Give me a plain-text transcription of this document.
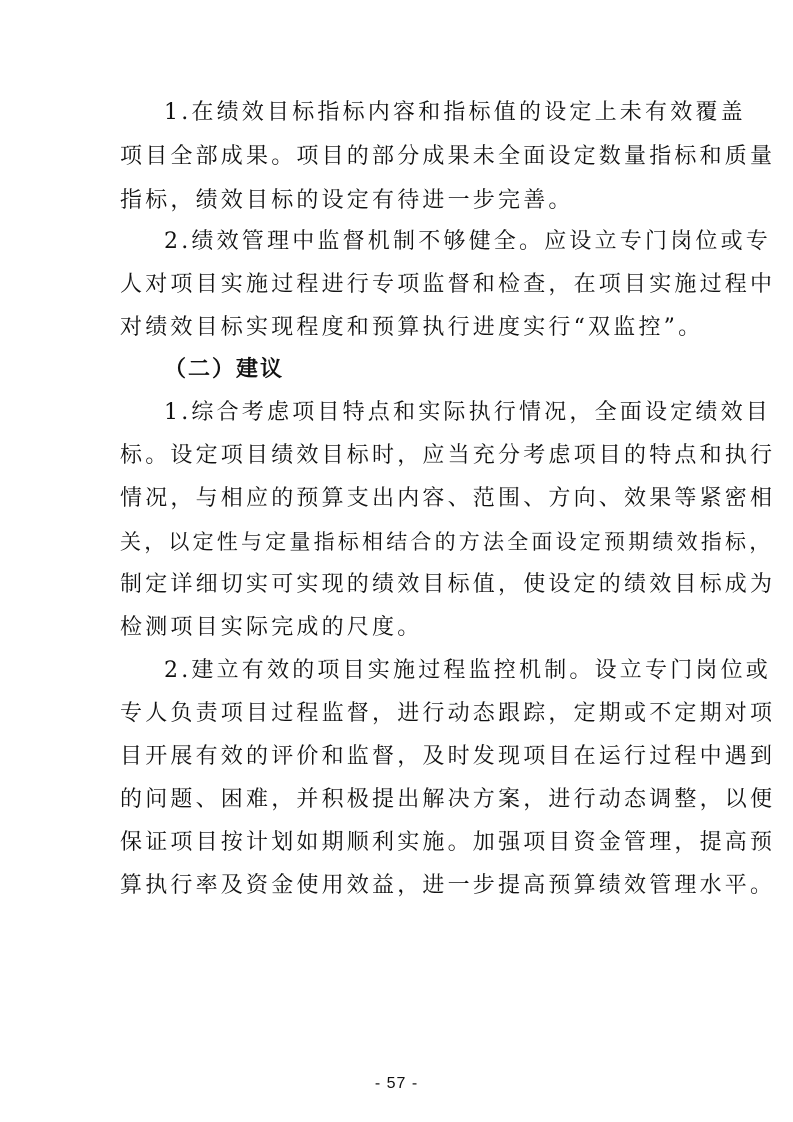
1.在绩效目标指标内容和指标值的设定上未有效覆盖
项目全部成果。项目的部分成果未全面设定数量指标和质量
指标，绩效目标的设定有待进一步完善。
2.绩效管理中监督机制不够健全。应设立专门岗位或专
人对项目实施过程进行专项监督和检查，在项目实施过程中
对绩效目标实现程度和预算执行进度实行“双监控”。
（二）建议
1.综合考虑项目特点和实际执行情况，全面设定绩效目
标。设定项目绩效目标时，应当充分考虑项目的特点和执行
情况，与相应的预算支出内容、范围、方向、效果等紧密相
关，以定性与定量指标相结合的方法全面设定预期绩效指标，
制定详细切实可实现的绩效目标值，使设定的绩效目标成为
检测项目实际完成的尺度。
2.建立有效的项目实施过程监控机制。设立专门岗位或
专人负责项目过程监督，进行动态跟踪，定期或不定期对项
目开展有效的评价和监督，及时发现项目在运行过程中遇到
的问题、困难，并积极提出解决方案，进行动态调整，以便
保证项目按计划如期顺利实施。加强项目资金管理，提高预
算执行率及资金使用效益，进一步提高预算绩效管理水平。
- 57 -
